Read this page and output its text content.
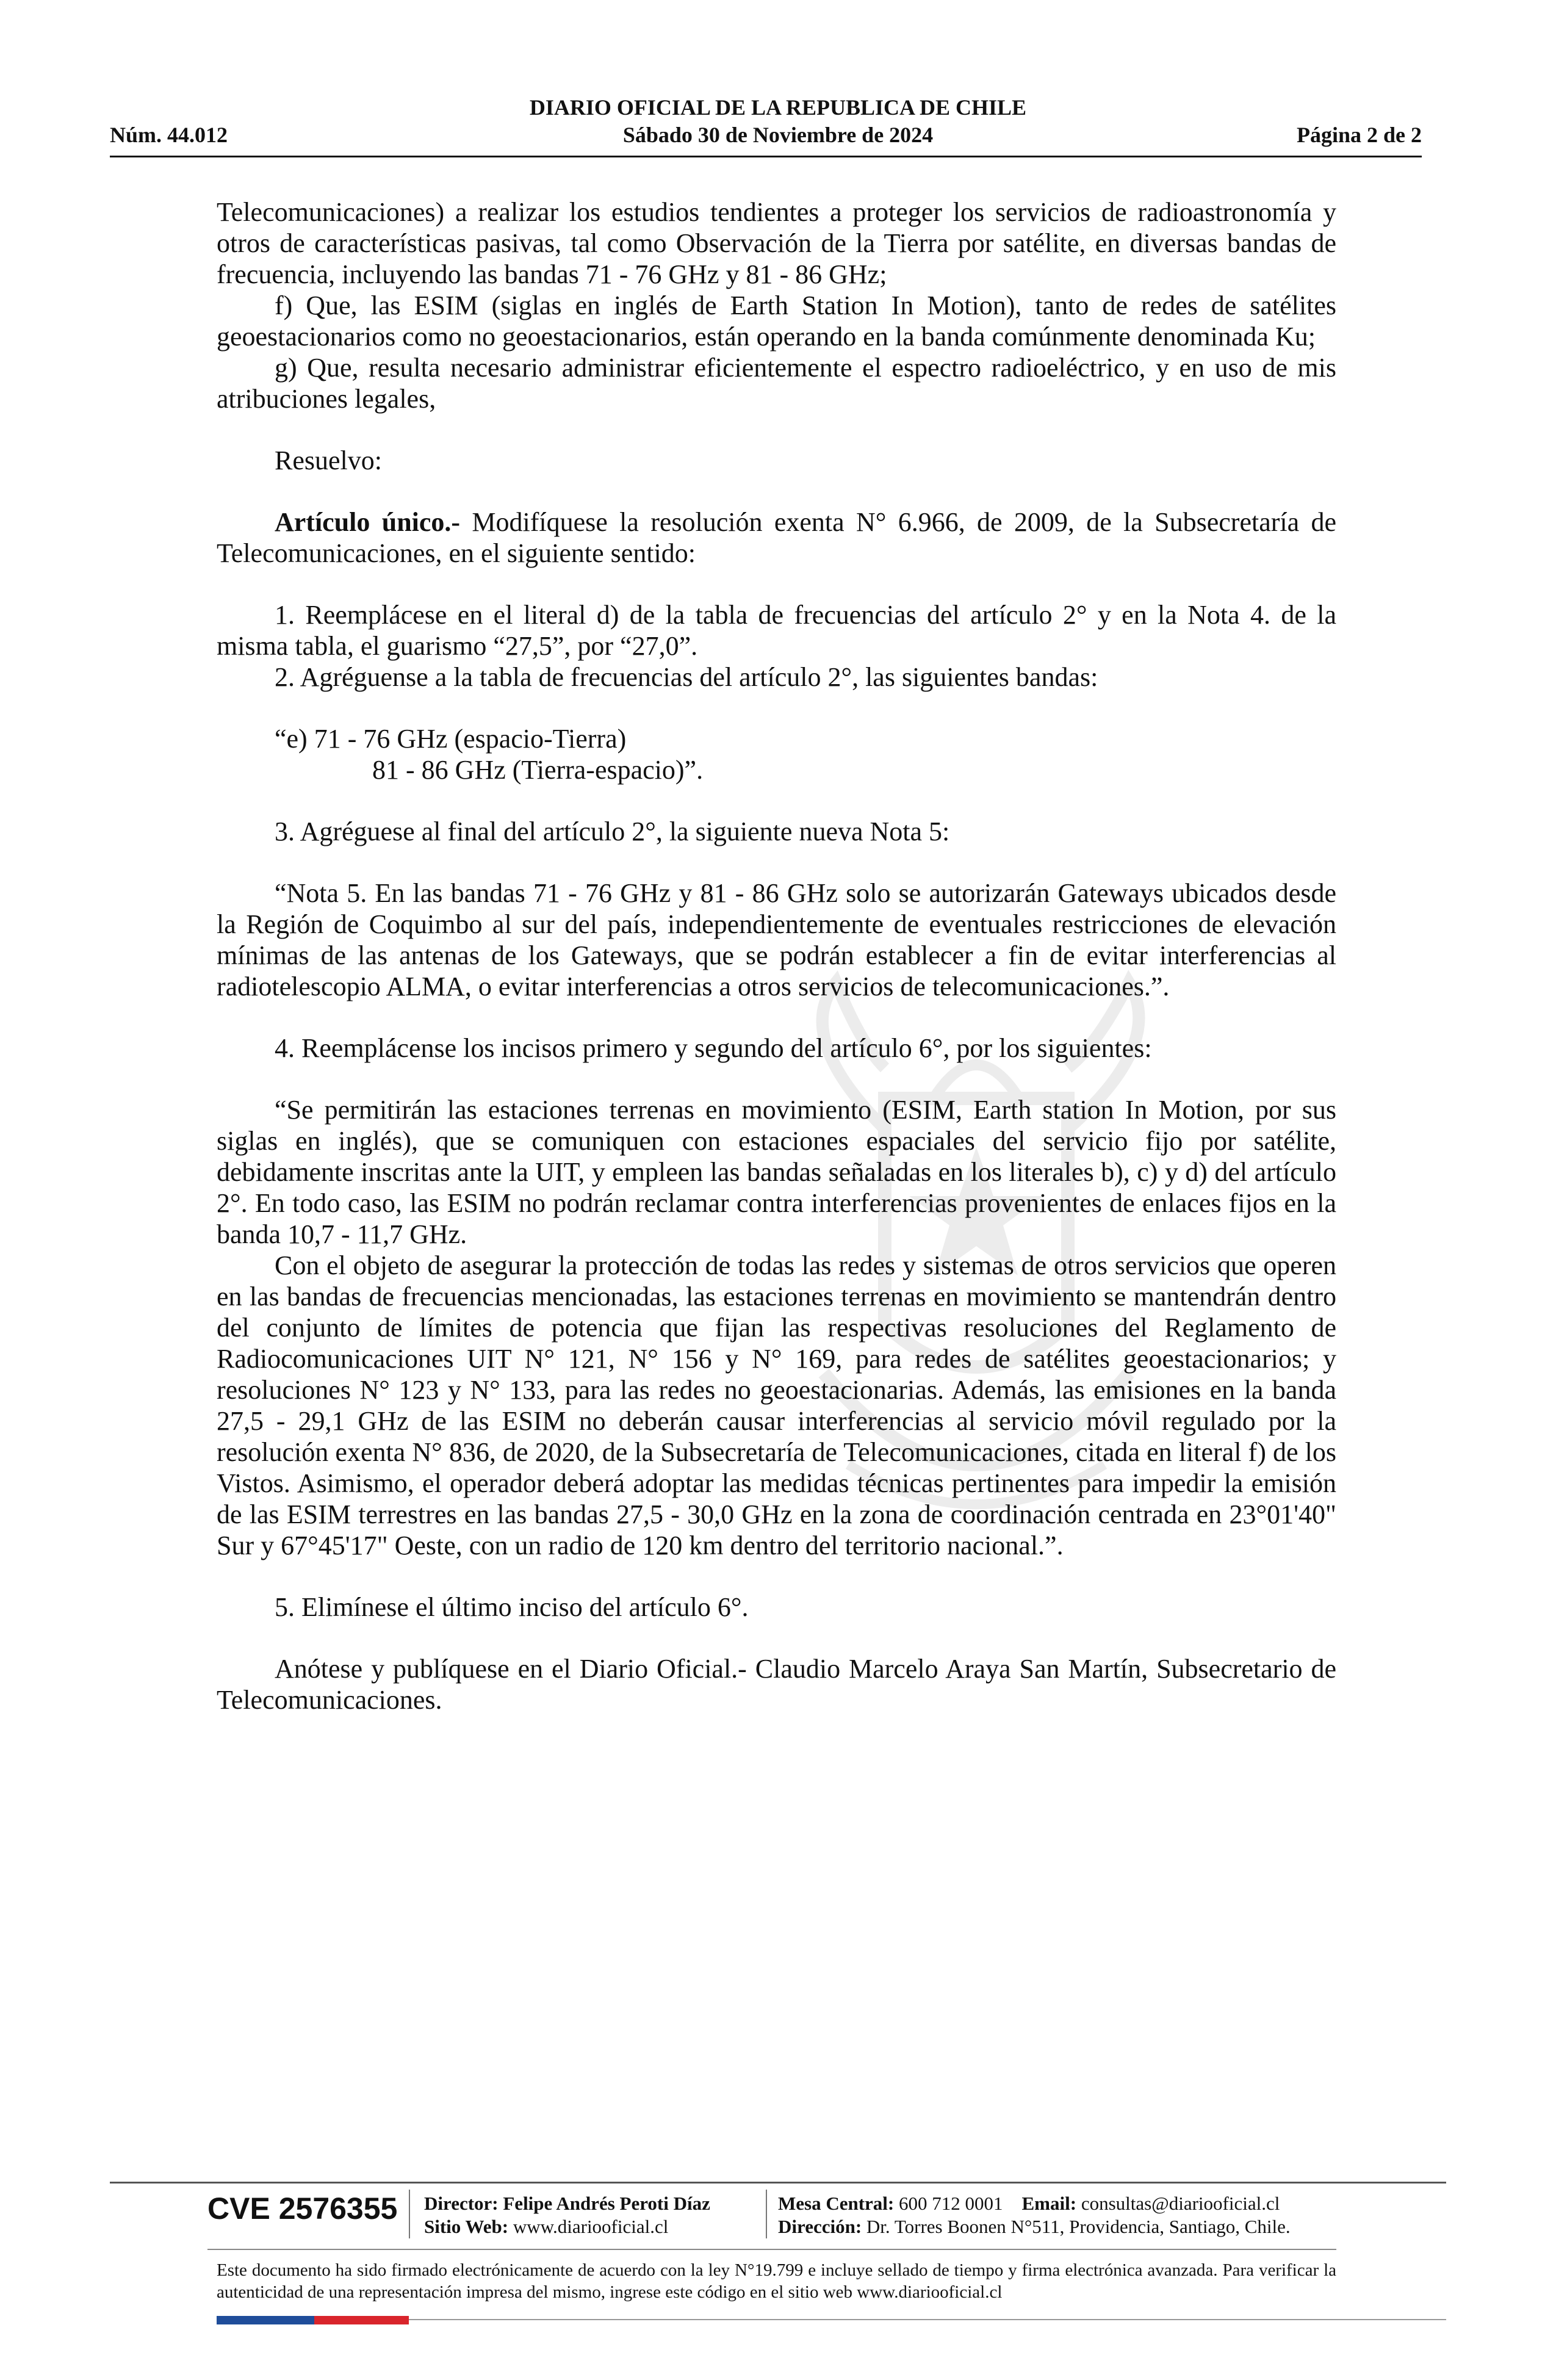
DIARIO OFICIAL DE LA REPUBLICA DE CHILE
Núm. 44.012	Sábado 30 de Noviembre de 2024	Página 2 de 2

Telecomunicaciones) a realizar los estudios tendientes a proteger los servicios de radioastronomía y otros de características pasivas, tal como Observación de la Tierra por satélite, en diversas bandas de frecuencia, incluyendo las bandas 71 - 76 GHz y 81 - 86 GHz;

f) Que, las ESIM (siglas en inglés de Earth Station In Motion), tanto de redes de satélites geoestacionarios como no geoestacionarios, están operando en la banda comúnmente denominada Ku;

g) Que, resulta necesario administrar eficientemente el espectro radioeléctrico, y en uso de mis atribuciones legales,

Resuelvo:

Artículo único.- Modifíquese la resolución exenta N° 6.966, de 2009, de la Subsecretaría de Telecomunicaciones, en el siguiente sentido:

1. Reemplácese en el literal d) de la tabla de frecuencias del artículo 2° y en la Nota 4. de la misma tabla, el guarismo “27,5”, por “27,0”.

2. Agréguense a la tabla de frecuencias del artículo 2°, las siguientes bandas:

“e) 71 - 76 GHz (espacio-Tierra)

81 - 86 GHz (Tierra-espacio)”.

3. Agréguese al final del artículo 2°, la siguiente nueva Nota 5:

“Nota 5. En las bandas 71 - 76 GHz y 81 - 86 GHz solo se autorizarán Gateways ubicados desde la Región de Coquimbo al sur del país, independientemente de eventuales restricciones de elevación mínimas de las antenas de los Gateways, que se podrán establecer a fin de evitar interferencias al radiotelescopio ALMA, o evitar interferencias a otros servicios de telecomunicaciones.”.

4. Reemplácense los incisos primero y segundo del artículo 6°, por los siguientes:

“Se permitirán las estaciones terrenas en movimiento (ESIM, Earth station In Motion, por sus siglas en inglés), que se comuniquen con estaciones espaciales del servicio fijo por satélite, debidamente inscritas ante la UIT, y empleen las bandas señaladas en los literales b), c) y d) del artículo 2°. En todo caso, las ESIM no podrán reclamar contra interferencias provenientes de enlaces fijos en la banda 10,7 - 11,7 GHz.

Con el objeto de asegurar la protección de todas las redes y sistemas de otros servicios que operen en las bandas de frecuencias mencionadas, las estaciones terrenas en movimiento se mantendrán dentro del conjunto de límites de potencia que fijan las respectivas resoluciones del Reglamento de Radiocomunicaciones UIT N° 121, N° 156 y N° 169, para redes de satélites geoestacionarios; y resoluciones N° 123 y N° 133, para las redes no geoestacionarias. Además, las emisiones en la banda 27,5 - 29,1 GHz de las ESIM no deberán causar interferencias al servicio móvil regulado por la resolución exenta N° 836, de 2020, de la Subsecretaría de Telecomunicaciones, citada en literal f) de los Vistos. Asimismo, el operador deberá adoptar las medidas técnicas pertinentes para impedir la emisión de las ESIM terrestres en las bandas 27,5 - 30,0 GHz en la zona de coordinación centrada en 23°01'40" Sur y 67°45'17" Oeste, con un radio de 120 km dentro del territorio nacional.”.

5. Elimínese el último inciso del artículo 6°.

Anótese y publíquese en el Diario Oficial.- Claudio Marcelo Araya San Martín, Subsecretario de Telecomunicaciones.

CVE 2576355 Director: Felipe Andrés Peroti Díaz
Sitio Web: www.diariooficial.cl
Mesa Central: 600 712 0001 Email: consultas@diariooficial.cl
Dirección: Dr. Torres Boonen N°511, Providencia, Santiago, Chile.
Este documento ha sido firmado electrónicamente de acuerdo con la ley N°19.799 e incluye sellado de tiempo y firma electrónica avanzada. Para verificar la autenticidad de una representación impresa del mismo, ingrese este código en el sitio web www.diariooficial.cl
